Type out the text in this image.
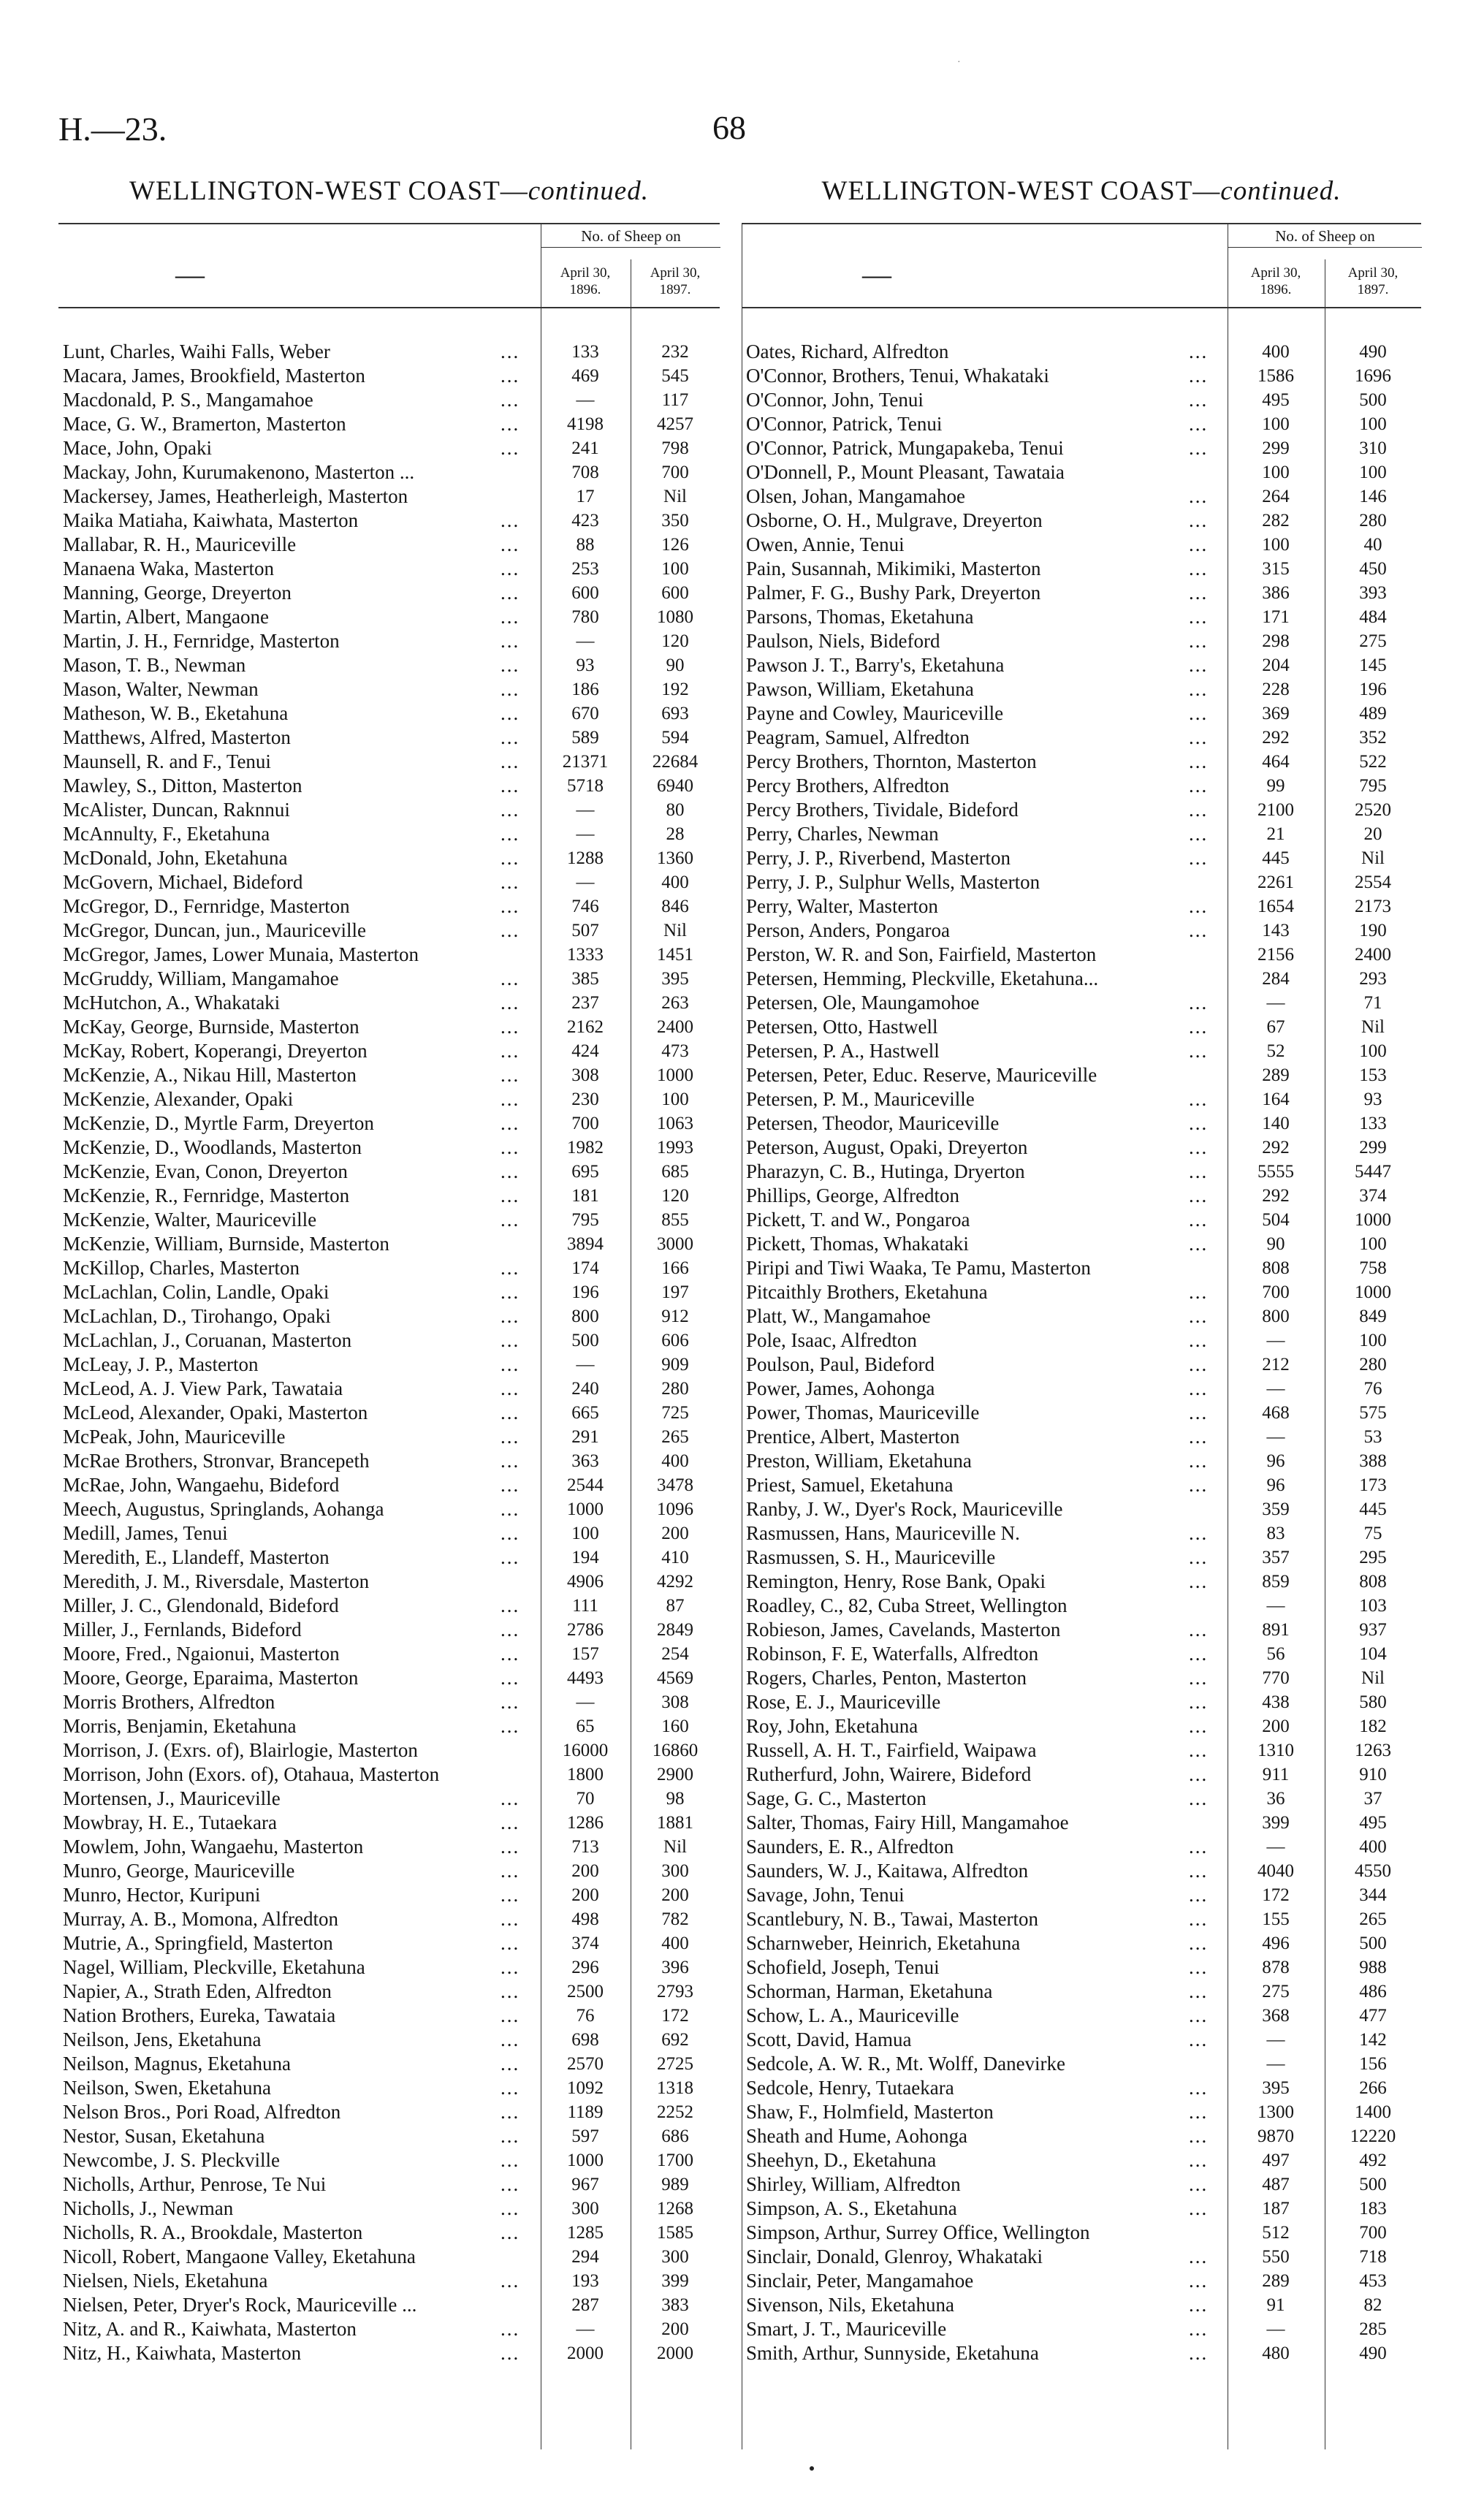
·
H.—23.	68
WELLINGTON-WEST COAST—continued.
—
No. of Sheep on
April 30,
1896.
April 30,
1897.
Lunt, Charles, Waihi Falls, Weber	...	133	232
Macara, James, Brookfield, Masterton	...	469	545
Macdonald, P. S., Mangamahoe	...	—	117
Mace, G. W., Bramerton, Masterton	...	4198	4257
Mace, John, Opaki	...	241	798
Mackay, John, Kurumakenono, Masterton ...	708	700
Mackersey, James, Heatherleigh, Masterton	17	Nil
Maika Matiaha, Kaiwhata, Masterton	...	423	350
Mallabar, R. H., Mauriceville	...	88	126
Manaena Waka, Masterton	...	253	100
Manning, George, Dreyerton	...	600	600
Martin, Albert, Mangaone	...	780	1080
Martin, J. H., Fernridge, Masterton	...	—	120
Mason, T. B., Newman	...	93	90
Mason, Walter, Newman	...	186	192
Matheson, W. B., Eketahuna	...	670	693
Matthews, Alfred, Masterton	...	589	594
Maunsell, R. and F., Tenui	...	21371	22684
Mawley, S., Ditton, Masterton	...	5718	6940
McAlister, Duncan, Raknnui	...	—	80
McAnnulty, F., Eketahuna	...	—	28
McDonald, John, Eketahuna	...	1288	1360
McGovern, Michael, Bideford	...	—	400
McGregor, D., Fernridge, Masterton	...	746	846
McGregor, Duncan, jun., Mauriceville	...	507	Nil
McGregor, James, Lower Munaia, Masterton	1333	1451
McGruddy, William, Mangamahoe	...	385	395
McHutchon, A., Whakataki	...	237	263
McKay, George, Burnside, Masterton	...	2162	2400
McKay, Robert, Koperangi, Dreyerton	...	424	473
McKenzie, A., Nikau Hill, Masterton	...	308	1000
McKenzie, Alexander, Opaki	...	230	100
McKenzie, D., Myrtle Farm, Dreyerton	...	700	1063
McKenzie, D., Woodlands, Masterton	...	1982	1993
McKenzie, Evan, Conon, Dreyerton	...	695	685
McKenzie, R., Fernridge, Masterton	...	181	120
McKenzie, Walter, Mauriceville	...	795	855
McKenzie, William, Burnside, Masterton	3894	3000
McKillop, Charles, Masterton	...	174	166
McLachlan, Colin, Landle, Opaki	...	196	197
McLachlan, D., Tirohango, Opaki	...	800	912
McLachlan, J., Coruanan, Masterton	...	500	606
McLeay, J. P., Masterton	...	—	909
McLeod, A. J. View Park, Tawataia	...	240	280
McLeod, Alexander, Opaki, Masterton	...	665	725
McPeak, John, Mauriceville	...	291	265
McRae Brothers, Stronvar, Brancepeth	...	363	400
McRae, John, Wangaehu, Bideford	...	2544	3478
Meech, Augustus, Springlands, Aohanga	...	1000	1096
Medill, James, Tenui	...	100	200
Meredith, E., Llandeff, Masterton	...	194	410
Meredith, J. M., Riversdale, Masterton	4906	4292
Miller, J. C., Glendonald, Bideford	...	111	87
Miller, J., Fernlands, Bideford	...	2786	2849
Moore, Fred., Ngaionui, Masterton	...	157	254
Moore, George, Eparaima, Masterton	...	4493	4569
Morris Brothers, Alfredton	...	—	308
Morris, Benjamin, Eketahuna	...	65	160
Morrison, J. (Exrs. of), Blairlogie, Masterton	16000	16860
Morrison, John (Exors. of), Otahaua, Masterton	1800	2900
Mortensen, J., Mauriceville	...	70	98
Mowbray, H. E., Tutaekara	...	1286	1881
Mowlem, John, Wangaehu, Masterton	...	713	Nil
Munro, George, Mauriceville	...	200	300
Munro, Hector, Kuripuni	...	200	200
Murray, A. B., Momona, Alfredton	...	498	782
Mutrie, A., Springfield, Masterton	...	374	400
Nagel, William, Pleckville, Eketahuna	...	296	396
Napier, A., Strath Eden, Alfredton	...	2500	2793
Nation Brothers, Eureka, Tawataia	...	76	172
Neilson, Jens, Eketahuna	...	698	692
Neilson, Magnus, Eketahuna	...	2570	2725
Neilson, Swen, Eketahuna	...	1092	1318
Nelson Bros., Pori Road, Alfredton	...	1189	2252
Nestor, Susan, Eketahuna	...	597	686
Newcombe, J. S. Pleckville	...	1000	1700
Nicholls, Arthur, Penrose, Te Nui	...	967	989
Nicholls, J., Newman	...	300	1268
Nicholls, R. A., Brookdale, Masterton	...	1285	1585
Nicoll, Robert, Mangaone Valley, Eketahuna	294	300
Nielsen, Niels, Eketahuna	...	193	399
Nielsen, Peter, Dryer's Rock, Mauriceville ...	287	383
Nitz, A. and R., Kaiwhata, Masterton	...	—	200
Nitz, H., Kaiwhata, Masterton	...	2000	2000
WELLINGTON-WEST COAST—continued.
—
No. of Sheep on
April 30,
1896.
April 30,
1897.
Oates, Richard, Alfredton	...	400	490
O'Connor, Brothers, Tenui, Whakataki	...	1586	1696
O'Connor, John, Tenui	...	495	500
O'Connor, Patrick, Tenui	...	100	100
O'Connor, Patrick, Mungapakeba, Tenui	...	299	310
O'Donnell, P., Mount Pleasant, Tawataia	100	100
Olsen, Johan, Mangamahoe	...	264	146
Osborne, O. H., Mulgrave, Dreyerton	...	282	280
Owen, Annie, Tenui	...	100	40
Pain, Susannah, Mikimiki, Masterton	...	315	450
Palmer, F. G., Bushy Park, Dreyerton	...	386	393
Parsons, Thomas, Eketahuna	...	171	484
Paulson, Niels, Bideford	...	298	275
Pawson J. T., Barry's, Eketahuna	...	204	145
Pawson, William, Eketahuna	...	228	196
Payne and Cowley, Mauriceville	...	369	489
Peagram, Samuel, Alfredton	...	292	352
Percy Brothers, Thornton, Masterton	...	464	522
Percy Brothers, Alfredton	...	99	795
Percy Brothers, Tividale, Bideford	...	2100	2520
Perry, Charles, Newman	...	21	20
Perry, J. P., Riverbend, Masterton	...	445	Nil
Perry, J. P., Sulphur Wells, Masterton	2261	2554
Perry, Walter, Masterton	...	1654	2173
Person, Anders, Pongaroa	...	143	190
Perston, W. R. and Son, Fairfield, Masterton	2156	2400
Petersen, Hemming, Pleckville, Eketahuna...	284	293
Petersen, Ole, Maungamohoe	...	—	71
Petersen, Otto, Hastwell	...	67	Nil
Petersen, P. A., Hastwell	...	52	100
Petersen, Peter, Educ. Reserve, Mauriceville	289	153
Petersen, P. M., Mauriceville	...	164	93
Petersen, Theodor, Mauriceville	...	140	133
Peterson, August, Opaki, Dreyerton	...	292	299
Pharazyn, C. B., Hutinga, Dryerton	...	5555	5447
Phillips, George, Alfredton	...	292	374
Pickett, T. and W., Pongaroa	...	504	1000
Pickett, Thomas, Whakataki	...	90	100
Piripi and Tiwi Waaka, Te Pamu, Masterton	808	758
Pitcaithly Brothers, Eketahuna	...	700	1000
Platt, W., Mangamahoe	...	800	849
Pole, Isaac, Alfredton	...	—	100
Poulson, Paul, Bideford	...	212	280
Power, James, Aohonga	...	—	76
Power, Thomas, Mauriceville	...	468	575
Prentice, Albert, Masterton	...	—	53
Preston, William, Eketahuna	...	96	388
Priest, Samuel, Eketahuna	...	96	173
Ranby, J. W., Dyer's Rock, Mauriceville	359	445
Rasmussen, Hans, Mauriceville N.	...	83	75
Rasmussen, S. H., Mauriceville	...	357	295
Remington, Henry, Rose Bank, Opaki	...	859	808
Roadley, C., 82, Cuba Street, Wellington	—	103
Robieson, James, Cavelands, Masterton	...	891	937
Robinson, F. E, Waterfalls, Alfredton	...	56	104
Rogers, Charles, Penton, Masterton	...	770	Nil
Rose, E. J., Mauriceville	...	438	580
Roy, John, Eketahuna	...	200	182
Russell, A. H. T., Fairfield, Waipawa	...	1310	1263
Rutherfurd, John, Wairere, Bideford	...	911	910
Sage, G. C., Masterton	...	36	37
Salter, Thomas, Fairy Hill, Mangamahoe	399	495
Saunders, E. R., Alfredton	...	—	400
Saunders, W. J., Kaitawa, Alfredton	...	4040	4550
Savage, John, Tenui	...	172	344
Scantlebury, N. B., Tawai, Masterton	...	155	265
Scharnweber, Heinrich, Eketahuna	...	496	500
Schofield, Joseph, Tenui	...	878	988
Schorman, Harman, Eketahuna	...	275	486
Schow, L. A., Mauriceville	...	368	477
Scott, David, Hamua	...	—	142
Sedcole, A. W. R., Mt. Wolff, Danevirke	—	156
Sedcole, Henry, Tutaekara	...	395	266
Shaw, F., Holmfield, Masterton	...	1300	1400
Sheath and Hume, Aohonga	...	9870	12220
Sheehyn, D., Eketahuna	...	497	492
Shirley, William, Alfredton	...	487	500
Simpson, A. S., Eketahuna	...	187	183
Simpson, Arthur, Surrey Office, Wellington	512	700
Sinclair, Donald, Glenroy, Whakataki	...	550	718
Sinclair, Peter, Mangamahoe	...	289	453
Sivenson, Nils, Eketahuna	...	91	82
Smart, J. T., Mauriceville	...	—	285
Smith, Arthur, Sunnyside, Eketahuna	...	480	490
